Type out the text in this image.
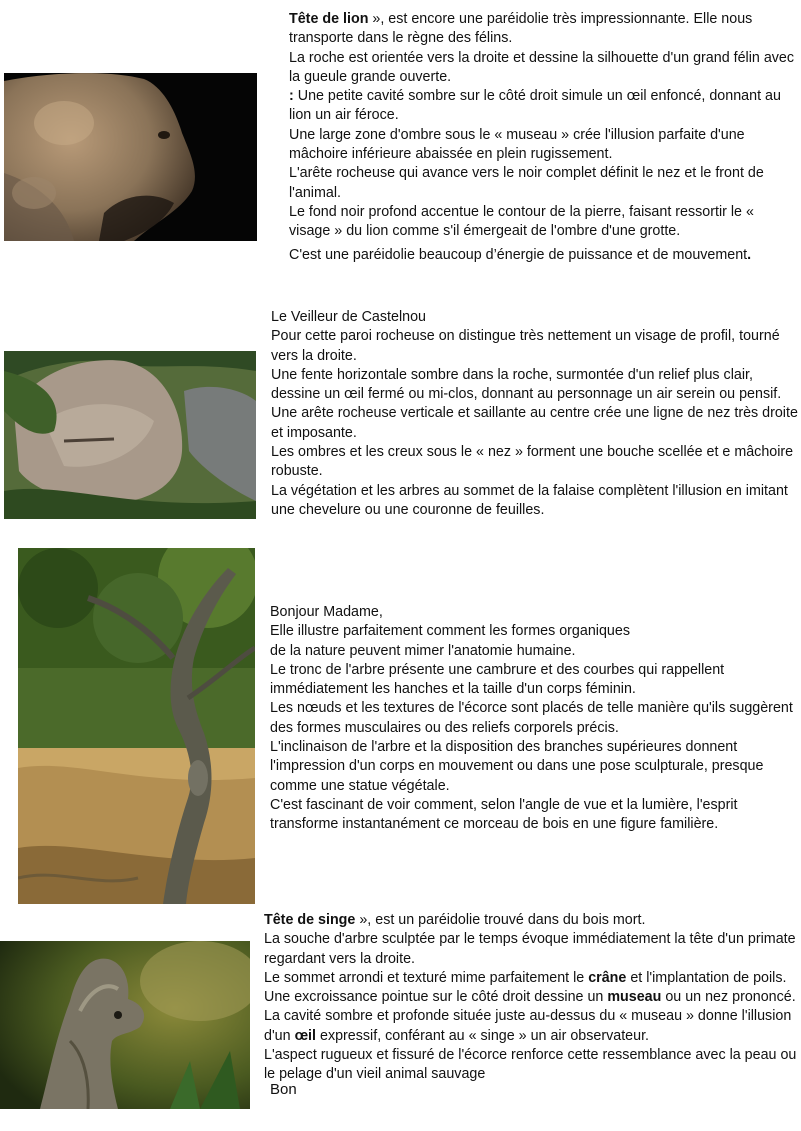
Tête de lion », est encore une paréidolie très impressionnante. Elle nous transporte dans le règne des félins.

La roche est orientée vers la droite et dessine la silhouette d'un grand félin avec la gueule grande ouverte.

: Une petite cavité sombre sur le côté droit simule un œil enfoncé, donnant au lion un air féroce.

Une large zone d'ombre sous le « museau » crée l'illusion parfaite d'une mâchoire inférieure abaissée en plein rugissement.

L'arête rocheuse qui avance vers le noir complet définit le nez et le front de l'animal.

Le fond noir profond accentue le contour de la pierre, faisant ressortir le « visage » du lion comme s'il émergeait de l'ombre d'une grotte.

C'est une paréidolie beaucoup d’énergie de puissance et de mouvement.

Le Veilleur de Castelnou

Pour cette paroi rocheuse on distingue très nettement un visage de profil, tourné vers la droite.

Une fente horizontale sombre dans la roche, surmontée d'un relief plus clair, dessine un œil fermé ou mi-clos, donnant au personnage un air serein ou pensif.

Une arête rocheuse verticale et saillante au centre crée une ligne de nez très droite et imposante.

Les ombres et les creux sous le « nez » forment une bouche scellée et e mâchoire robuste.

La végétation et les arbres au sommet de la falaise complètent l'illusion en imitant une chevelure ou une couronne de feuilles.

Bonjour Madame,

Elle illustre parfaitement comment les formes organiques

de la nature peuvent mimer l'anatomie humaine.

Le tronc de l'arbre présente une cambrure et des courbes qui rappellent immédiatement les hanches et la taille d'un corps féminin.

Les nœuds et les textures de l'écorce sont placés de telle manière qu'ils suggèrent des formes musculaires ou des reliefs corporels précis.

L'inclinaison de l'arbre et la disposition des branches supérieures donnent l'impression d'un corps en mouvement ou dans une pose sculpturale, presque comme une statue végétale.

C'est fascinant de voir comment, selon l'angle de vue et la lumière, l'esprit transforme instantanément ce morceau de bois en une figure familière.

Tête de singe », est un paréidolie trouvé dans du bois mort.

La souche d'arbre sculptée par le temps évoque immédiatement la tête d'un primate regardant vers la droite.

Le sommet arrondi et texturé mime parfaitement le crâne et l'implantation de poils.

Une excroissance pointue sur le côté droit dessine un museau ou un nez prononcé.

La cavité sombre et profonde située juste au-dessus du « museau » donne l'illusion d'un œil expressif, conférant au « singe » un air observateur.

L'aspect rugueux et fissuré de l'écorce renforce cette ressemblance avec la peau ou le pelage d'un vieil animal sauvage

Bon
